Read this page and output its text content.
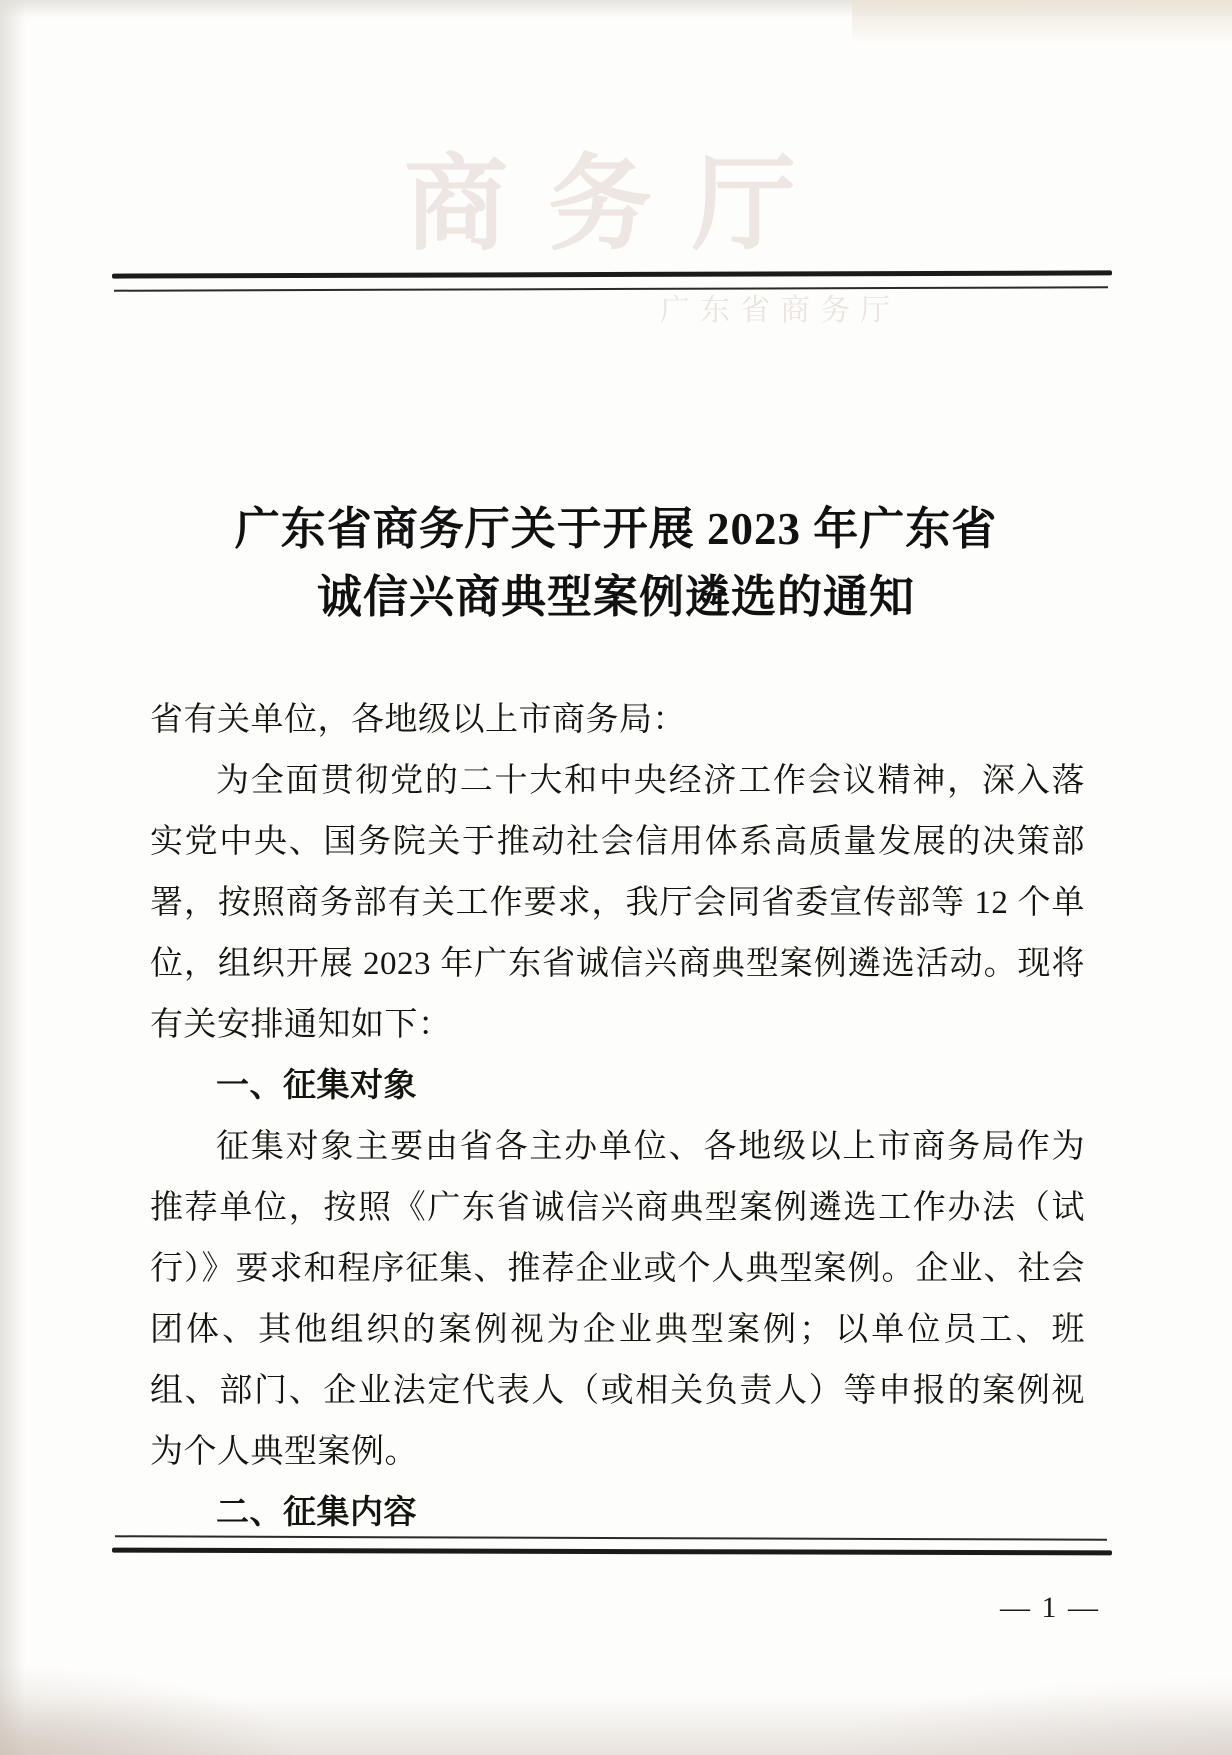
商务厅
广东省商务厅
广东省商务厅关于开展 2023 年广东省
诚信兴商典型案例遴选的通知

省有关单位，各地级以上市商务局：

为全面贯彻党的二十大和中央经济工作会议精神，深入落实党中央、国务院关于推动社会信用体系高质量发展的决策部署，按照商务部有关工作要求，我厅会同省委宣传部等 12 个单位，组织开展 2023 年广东省诚信兴商典型案例遴选活动。现将有关安排通知如下：

一、征集对象

征集对象主要由省各主办单位、各地级以上市商务局作为推荐单位，按照《广东省诚信兴商典型案例遴选工作办法（试行）》要求和程序征集、推荐企业或个人典型案例。企业、社会团体、其他组织的案例视为企业典型案例；以单位员工、班组、部门、企业法定代表人（或相关负责人）等申报的案例视为个人典型案例。

二、征集内容

— 1 —
